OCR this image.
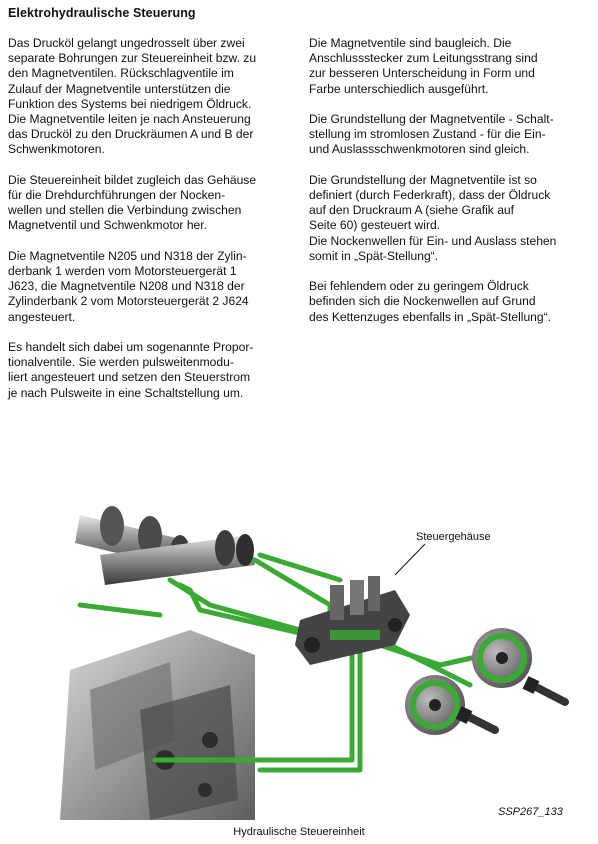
Elektrohydraulische Steuerung

Das Drucköl gelangt ungedrosselt über zwei
separate Bohrungen zur Steuereinheit bzw. zu
den Magnetventilen. Rückschlagventile im
Zulauf der Magnetventile unterstützen die
Funktion des Systems bei niedrigem Öldruck.
Die Magnetventile leiten je nach Ansteuerung
das Drucköl zu den Druckräumen A und B der
Schwenkmotoren.

Die Steuereinheit bildet zugleich das Gehäuse
für die Drehdurchführungen der Nocken-
wellen und stellen die Verbindung zwischen
Magnetventil und Schwenkmotor her.

Die Magnetventile N205 und N318 der Zylin-
derbank 1 werden vom Motorsteuergerät 1
J623, die Magnetventile N208 und N318 der
Zylinderbank 2 vom Motorsteuergerät 2 J624
angesteuert.

Es handelt sich dabei um sogenannte Propor-
tionalventile. Sie werden pulsweitenmodu-
liert angesteuert und setzen den Steuerstrom
je nach Pulsweite in eine Schaltstellung um.

Die Magnetventile sind baugleich. Die
Anschlussstecker zum Leitungsstrang sind
zur besseren Unterscheidung in Form und
Farbe unterschiedlich ausgeführt.

Die Grundstellung der Magnetventile - Schalt-
stellung im stromlosen Zustand - für die Ein-
und Auslassschwenkmotoren sind gleich.

Die Grundstellung der Magnetventile ist so
definiert (durch Federkraft), dass der Öldruck
auf den Druckraum A (siehe Grafik auf
Seite 60) gesteuert wird.
Die Nockenwellen für Ein- und Auslass stehen
somit in „Spät-Stellung“.

Bei fehlendem oder zu geringem Öldruck
befinden sich die Nockenwellen auf Grund
des Kettenzuges ebenfalls in „Spät-Stellung“.

Steuergehäuse
SSP267_133
Hydraulische Steuereinheit
